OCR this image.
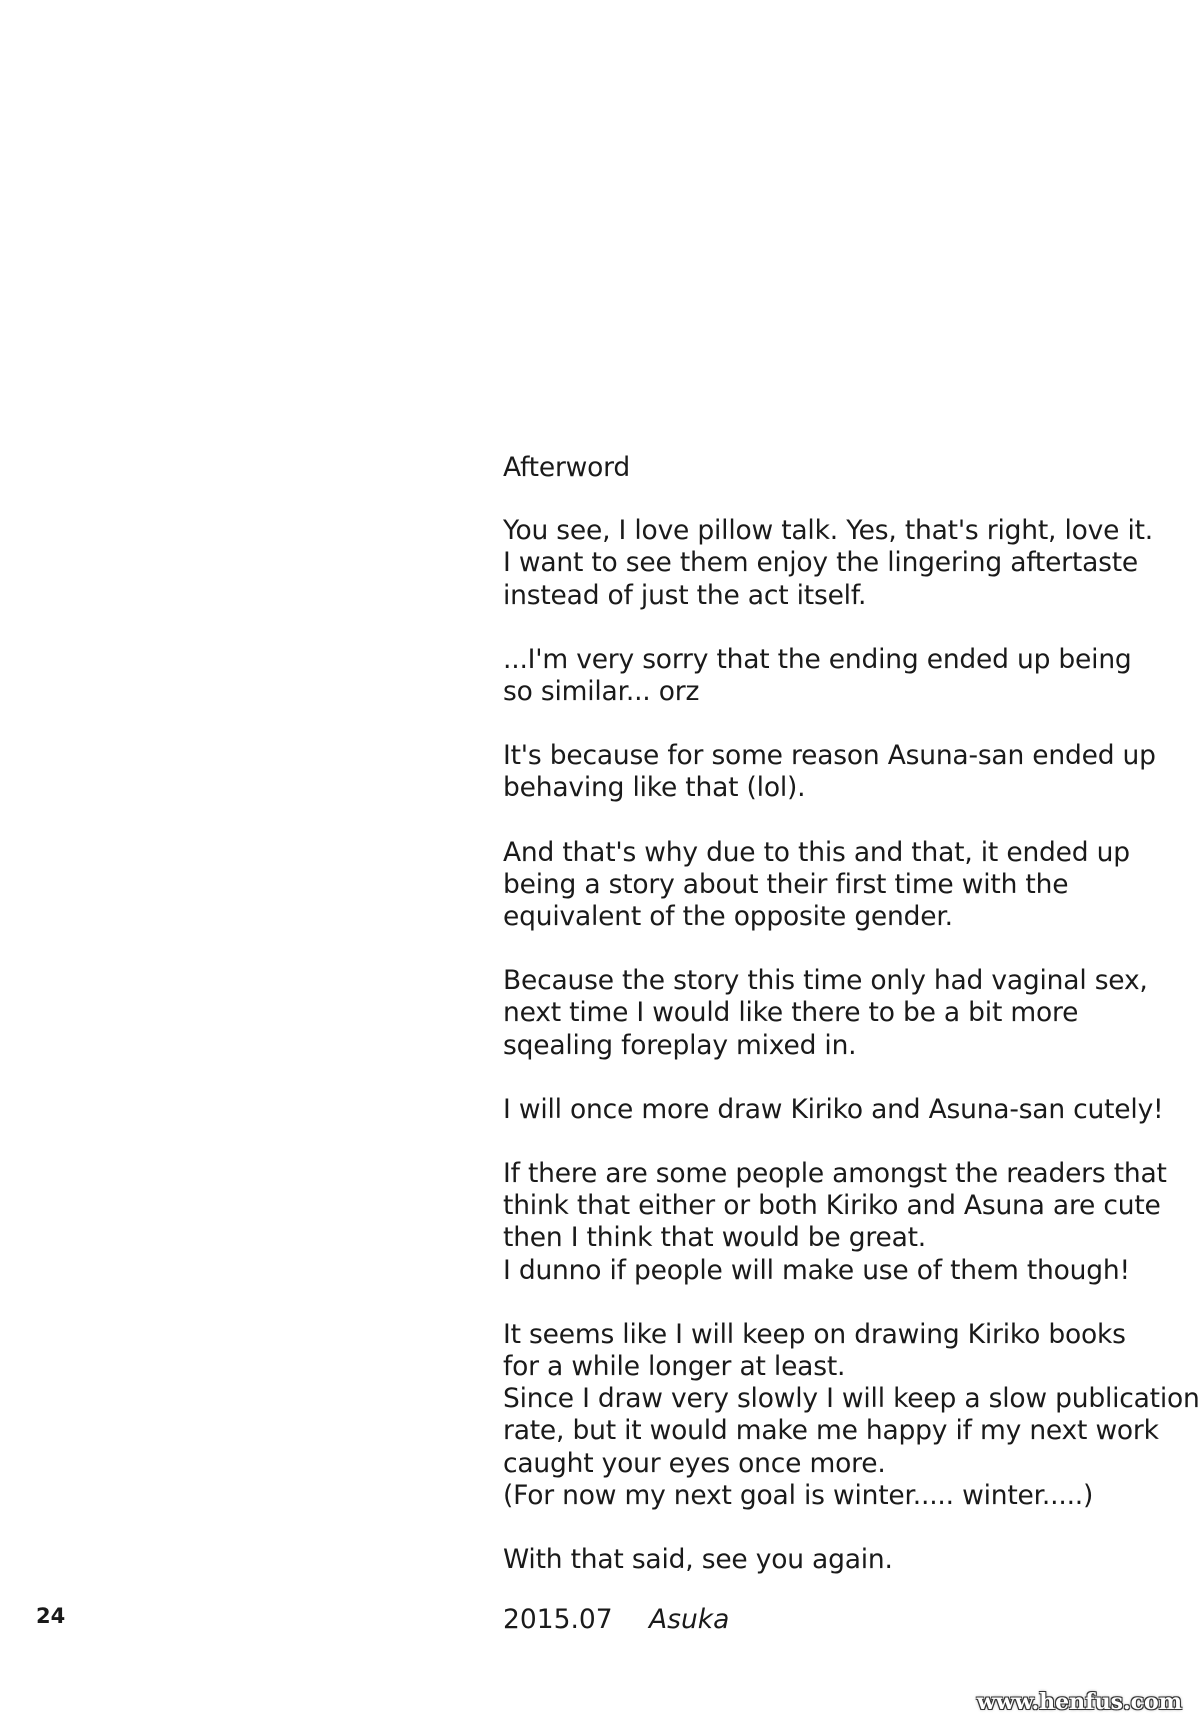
Afterword
You see, I love pillow talk. Yes, that's right, love it.
I want to see them enjoy the lingering aftertaste
instead of just the act itself.
...I'm very sorry that the ending ended up being
so similar... orz
It's because for some reason Asuna-san ended up
behaving like that (lol).
And that's why due to this and that, it ended up
being a story about their first time with the
equivalent of the opposite gender.
Because the story this time only had vaginal sex,
next time I would like there to be a bit more
sqealing foreplay mixed in.
I will once more draw Kiriko and Asuna-san cutely!
If there are some people amongst the readers that
think that either or both Kiriko and Asuna are cute
then I think that would be great.
I dunno if people will make use of them though!
It seems like I will keep on drawing Kiriko books
for a while longer at least.
Since I draw very slowly I will keep a slow publication
rate, but it would make me happy if my next work
caught your eyes once more.
(For now my next goal is winter..... winter.....)
With that said, see you again.
2015.07 Asuka
24
www.henfus.com
